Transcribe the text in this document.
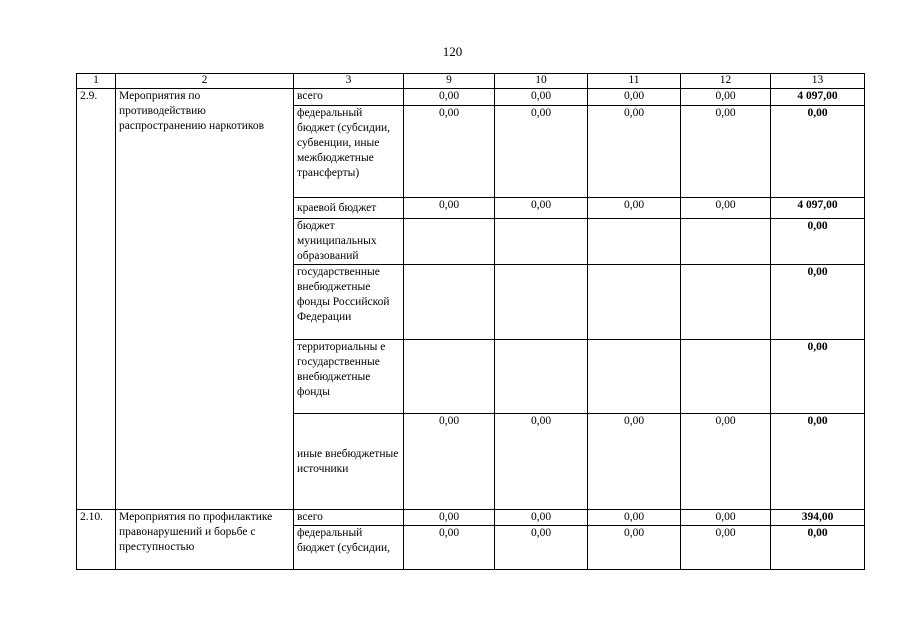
120
1	2	3	9	10	11	12	13
2.9.	Мероприятия по противодействию распространению наркотиков	всего	0,00	0,00	0,00	0,00	4 097,00
		федеральный бюджет (субсидии, субвенции, иные межбюджетные трансферты)	0,00	0,00	0,00	0,00	0,00
		краевой бюджет	0,00	0,00	0,00	0,00	4 097,00
		бюджет муниципальных образований					0,00
		государственные внебюджетные фонды Российской Федерации					0,00
		территориальны е государственные внебюджетные фонды					0,00
		иные внебюджетные источники	0,00	0,00	0,00	0,00	0,00
2.10.	Мероприятия по профилактике правонарушений и борьбе с преступностью	всего	0,00	0,00	0,00	0,00	394,00
		федеральный бюджет (субсидии,	0,00	0,00	0,00	0,00	0,00
